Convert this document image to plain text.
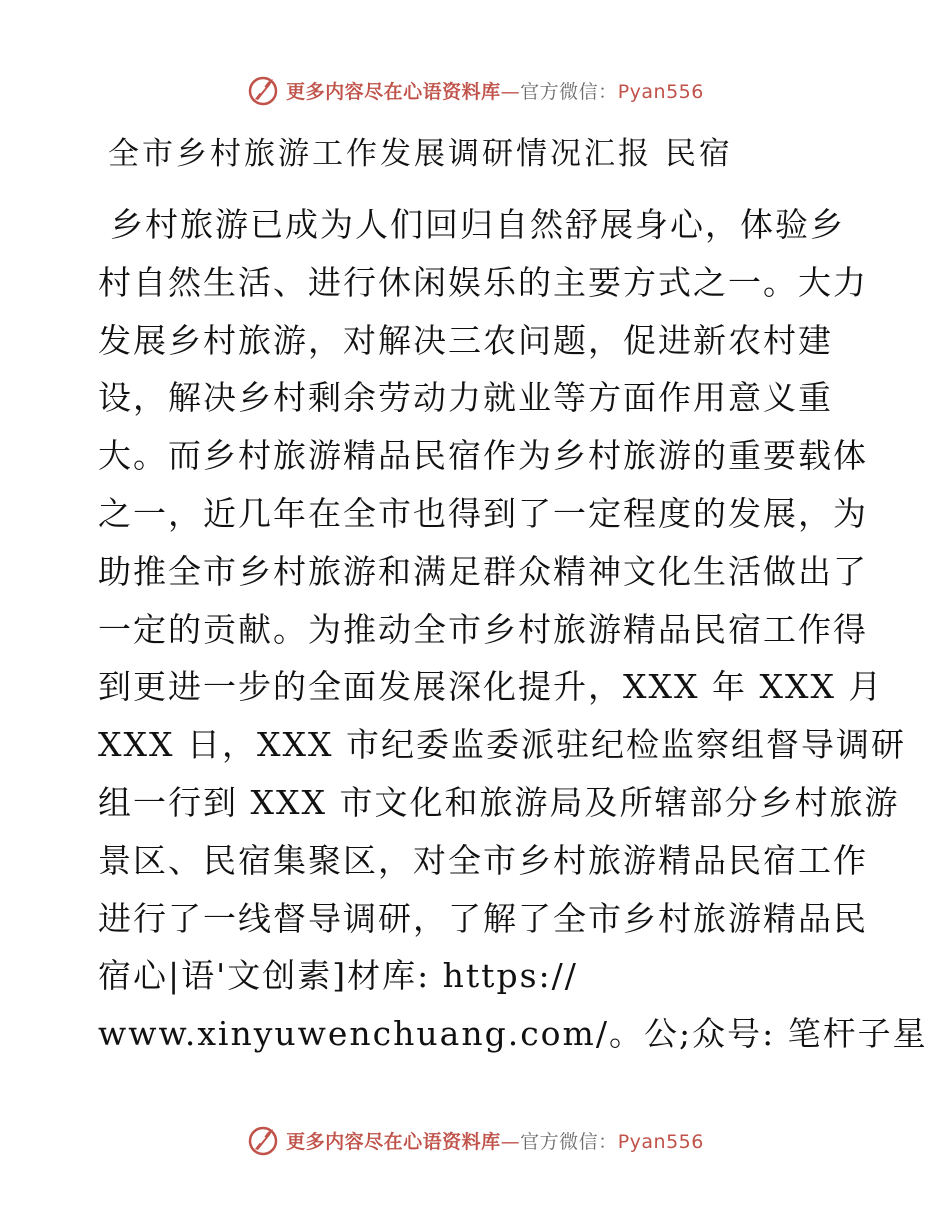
更多内容尽在心语资料库—官方微信：Pyan556
全市乡村旅游工作发展调研情况汇报 民宿
乡村旅游已成为人们回归自然舒展身心，体验乡
村自然生活、进行休闲娱乐的主要方式之一。大力
发展乡村旅游，对解决三农问题，促进新农村建
设，解决乡村剩余劳动力就业等方面作用意义重
大。而乡村旅游精品民宿作为乡村旅游的重要载体
之一，近几年在全市也得到了一定程度的发展，为
助推全市乡村旅游和满足群众精神文化生活做出了
一定的贡献。为推动全市乡村旅游精品民宿工作得
到更进一步的全面发展深化提升，XXX 年 XXX 月
XXX 日，XXX 市纪委监委派驻纪检监察组督导调研
组一行到 XXX 市文化和旅游局及所辖部分乡村旅游
景区、民宿集聚区，对全市乡村旅游精品民宿工作
进行了一线督导调研，了解了全市乡村旅游精品民
宿心|语'文创素]材库: https://
www.xinyuwenchuang.com/。公;众号: 笔杆子星
更多内容尽在心语资料库—官方微信：Pyan556
